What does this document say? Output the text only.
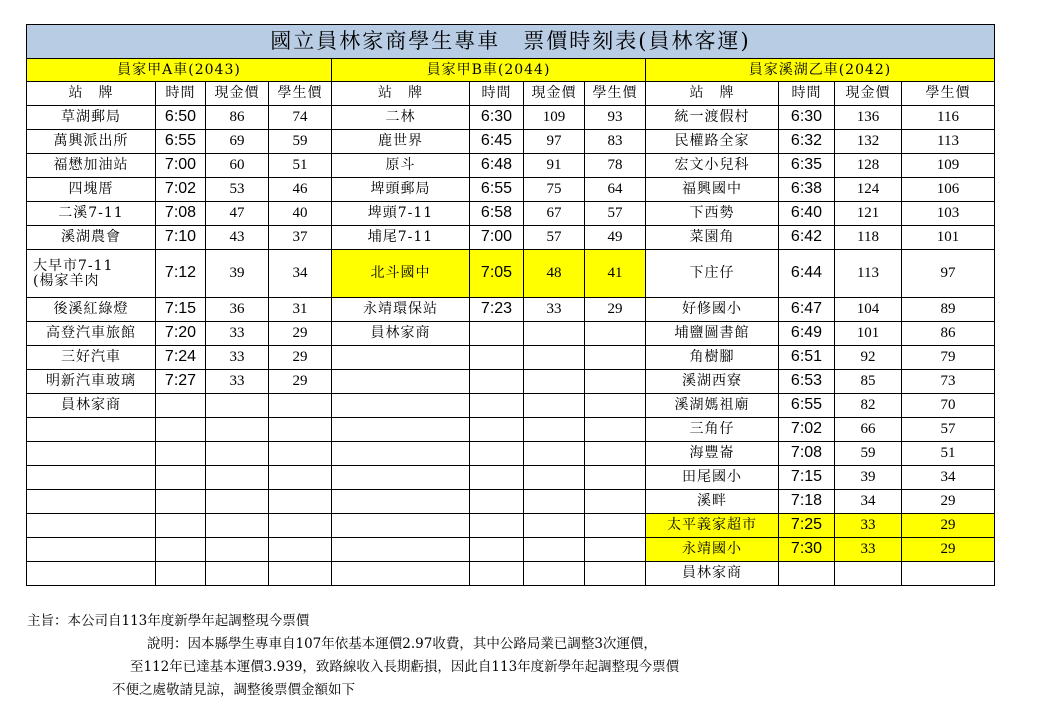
國立員林家商學生專車　票價時刻表(員林客運)											
員家甲A車(2043)				員家甲B車(2044)				員家溪湖乙車(2042)			
站　牌	時間	現金價	學生價	站　牌	時間	現金價	學生價	站　牌	時間	現金價	學生價
草湖郵局	6:50	86	74	二林	6:30	109	93	統一渡假村	6:30	136	116
萬興派出所	6:55	69	59	鹿世界	6:45	97	83	民權路全家	6:32	132	113
福懋加油站	7:00	60	51	原斗	6:48	91	78	宏文小兒科	6:35	128	109
四塊厝	7:02	53	46	埤頭郵局	6:55	75	64	福興國中	6:38	124	106
二溪7-11	7:08	47	40	埤頭7-11	6:58	67	57	下西勢	6:40	121	103
溪湖農會	7:10	43	37	埔尾7-11	7:00	57	49	菜園角	6:42	118	101
大早市7-11
(楊家羊肉	7:12	39	34	北斗國中	7:05	48	41	下庄仔	6:44	113	97
後溪紅綠燈	7:15	36	31	永靖環保站	7:23	33	29	好修國小	6:47	104	89
高登汽車旅館	7:20	33	29	員林家商				埔鹽圖書館	6:49	101	86
三好汽車	7:24	33	29					角樹腳	6:51	92	79
明新汽車玻璃	7:27	33	29					溪湖西寮	6:53	85	73
員林家商								溪湖媽祖廟	6:55	82	70
								三角仔	7:02	66	57
								海豐崙	7:08	59	51
								田尾國小	7:15	39	34
								溪畔	7:18	34	29
								太平義家超市	7:25	33	29
								永靖國小	7:30	33	29
								員林家商			
主旨：本公司自113年度新學年起調整現今票價
說明：因本縣學生專車自107年依基本運價2.97收費，其中公路局業已調整3次運價，
至112年已達基本運價3.939，致路線收入長期虧損，因此自113年度新學年起調整現今票價
不便之處敬請見諒，調整後票價金額如下
